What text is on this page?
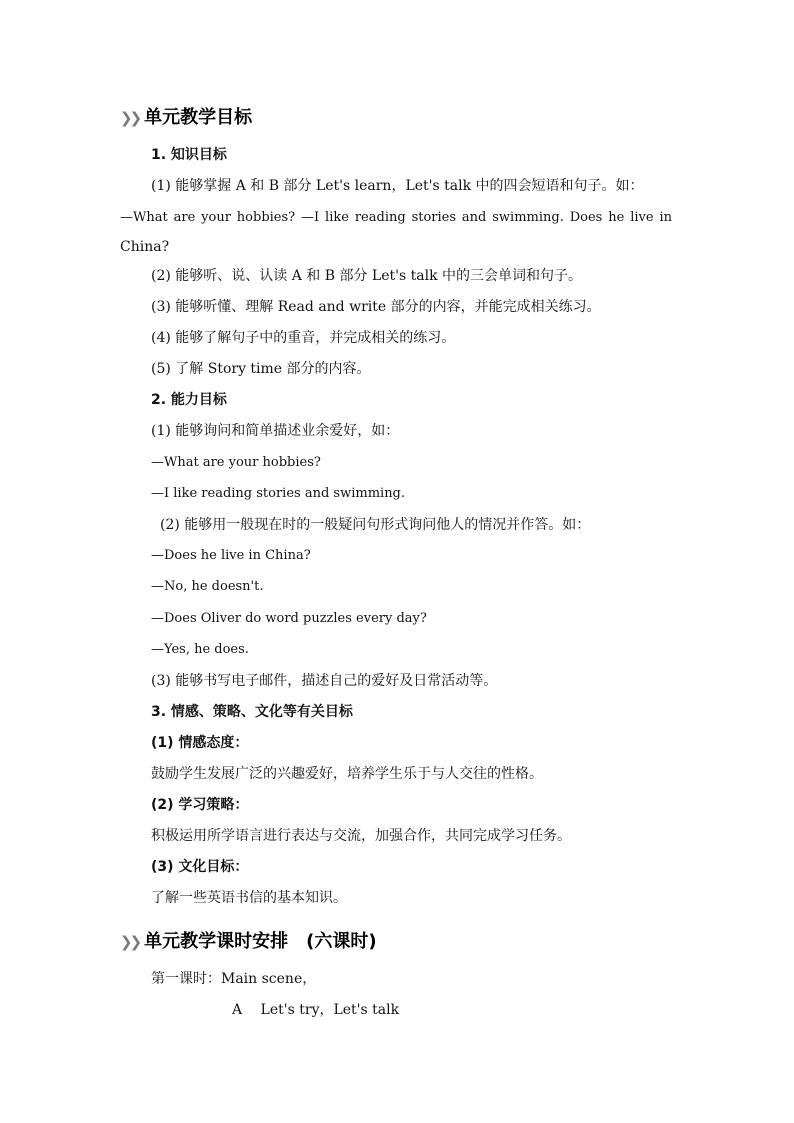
❯❯ 单元教学目标
1. 知识目标
(1) 能够掌握 A 和 B 部分 Let's learn，Let's talk 中的四会短语和句子。如：
—What are your hobbies? —I like reading stories and swimming. Does he live in
China?
(2) 能够听、说、认读 A 和 B 部分 Let's talk 中的三会单词和句子。
(3) 能够听懂、理解 Read and write 部分的内容，并能完成相关练习。
(4) 能够了解句子中的重音，并完成相关的练习。
(5) 了解 Story time 部分的内容。
2. 能力目标
(1) 能够询问和简单描述业余爱好，如：
—What are your hobbies?
—I like reading stories and swimming.
(2) 能够用一般现在时的一般疑问句形式询问他人的情况并作答。如：
—Does he live in China?
—No, he doesn't.
—Does Oliver do word puzzles every day?
—Yes, he does.
(3) 能够书写电子邮件，描述自己的爱好及日常活动等。
3. 情感、策略、文化等有关目标
(1) 情感态度：
鼓励学生发展广泛的兴趣爱好，培养学生乐于与人交往的性格。
(2) 学习策略：
积极运用所学语言进行表达与交流，加强合作，共同完成学习任务。
(3) 文化目标：
了解一些英语书信的基本知识。
❯❯ 单元教学课时安排　(六课时)
第一课时：Main scene，
A　 Let's try，Let's talk
